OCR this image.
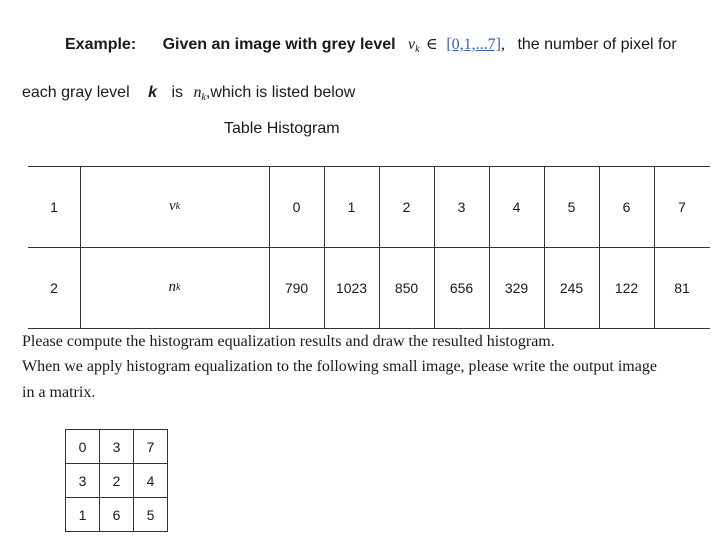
Example: Given an image with grey level $v_k$ ∈ [0,1,...7], the number of pixel for
each gray level k is $n_k,which$ is listed below
Table Histogram
1	v k	0	1	2	3	4	5	6	7
2	n k	790	1023	850	656	329	245	122	81
Please compute the histogram equalization results and draw the resulted histogram.
When we apply histogram equalization to the following small image, please write the output image
in a matrix.
0	3	7
3	2	4
1	6	5
